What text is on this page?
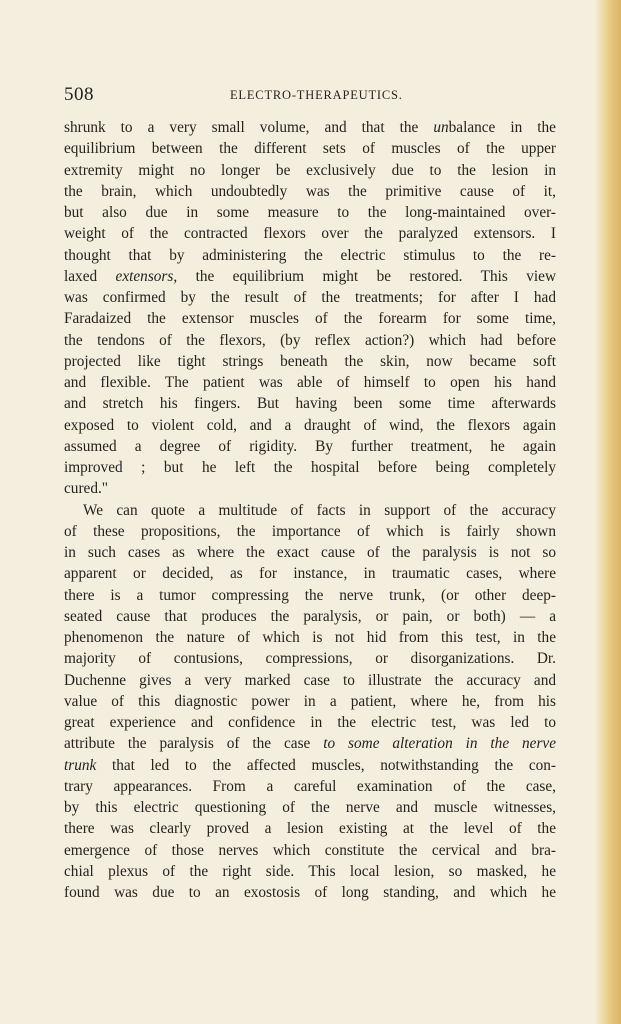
508	ELECTRO-THERAPEUTICS.
shrunk to a very small volume, and that the unbalance in the
equilibrium between the different sets of muscles of the upper
extremity might no longer be exclusively due to the lesion in
the brain, which undoubtedly was the primitive cause of it,
but also due in some measure to the long-maintained over-
weight of the contracted flexors over the paralyzed extensors. I
thought that by administering the electric stimulus to the re-
laxed extensors, the equilibrium might be restored. This view
was confirmed by the result of the treatments; for after I had
Faradaized the extensor muscles of the forearm for some time,
the tendons of the flexors, (by reflex action?) which had before
projected like tight strings beneath the skin, now became soft
and flexible. The patient was able of himself to open his hand
and stretch his fingers. But having been some time afterwards
exposed to violent cold, and a draught of wind, the flexors again
assumed a degree of rigidity. By further treatment, he again
improved ; but he left the hospital before being completely
cured."
We can quote a multitude of facts in support of the accuracy
of these propositions, the importance of which is fairly shown
in such cases as where the exact cause of the paralysis is not so
apparent or decided, as for instance, in traumatic cases, where
there is a tumor compressing the nerve trunk, (or other deep-
seated cause that produces the paralysis, or pain, or both) — a
phenomenon the nature of which is not hid from this test, in the
majority of contusions, compressions, or disorganizations. Dr.
Duchenne gives a very marked case to illustrate the accuracy and
value of this diagnostic power in a patient, where he, from his
great experience and confidence in the electric test, was led to
attribute the paralysis of the case to some alteration in the nerve
trunk that led to the affected muscles, notwithstanding the con-
trary appearances. From a careful examination of the case,
by this electric questioning of the nerve and muscle witnesses,
there was clearly proved a lesion existing at the level of the
emergence of those nerves which constitute the cervical and bra-
chial plexus of the right side. This local lesion, so masked, he
found was due to an exostosis of long standing, and which he
